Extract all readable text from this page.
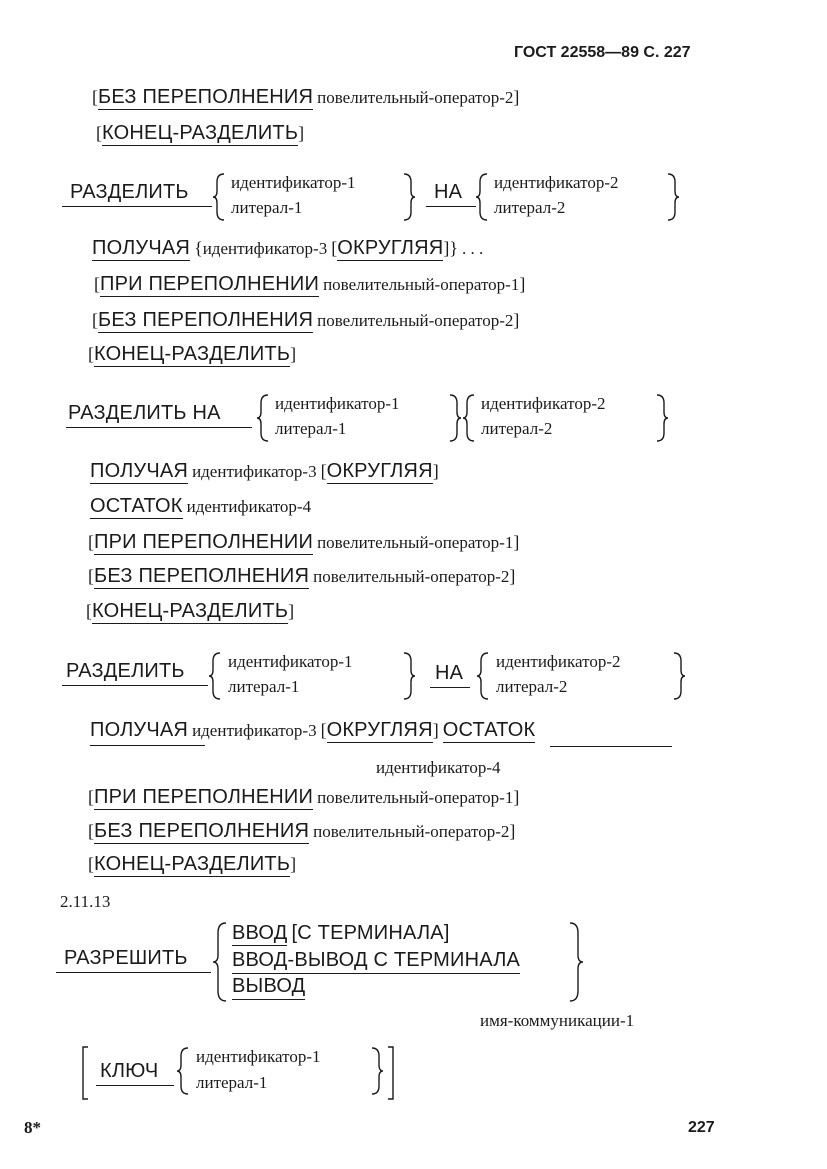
ГОСТ 22558—89 С. 227
[БЕЗ ПЕРЕПОЛНЕНИЯ повелительный-оператор-2]
[КОНЕЦ-РАЗДЕЛИТЬ]
РАЗДЕЛИТЬ идентификатор-1
литерал-1
НА идентификатор-2
литерал-2
ПОЛУЧАЯ {идентификатор-3 [ОКРУГЛЯЯ]} . . .
[ПРИ ПЕРЕПОЛНЕНИИ повелительный-оператор-1]
[БЕЗ ПЕРЕПОЛНЕНИЯ повелительный-оператор-2]
[КОНЕЦ-РАЗДЕЛИТЬ]
РАЗДЕЛИТЬ НА	идентификатор-1
литерал-1
идентификатор-2
литерал-2
ПОЛУЧАЯ идентификатор-3 [ОКРУГЛЯЯ]
ОСТАТОК идентификатор-4
[ПРИ ПЕРЕПОЛНЕНИИ повелительный-оператор-1]
[БЕЗ ПЕРЕПОЛНЕНИЯ повелительный-оператор-2]
[КОНЕЦ-РАЗДЕЛИТЬ]
РАЗДЕЛИТЬ	идентификатор-1
литерал-1
НА
идентификатор-2
литерал-2
ПОЛУЧАЯ идентификатор-3 [ОКРУГЛЯЯ] ОСТАТОК
идентификатор-4
[ПРИ ПЕРЕПОЛНЕНИИ повелительный-оператор-1]
[БЕЗ ПЕРЕПОЛНЕНИЯ повелительный-оператор-2]
[КОНЕЦ-РАЗДЕЛИТЬ]
2.11.13
РАЗРЕШИТЬ
ВВОД [С ТЕРМИНАЛА]
ВВОД-ВЫВОД С ТЕРМИНАЛА
ВЫВОД
имя-коммуникации-1
КЛЮЧ
идентификатор-1
литерал-1
8*	227
